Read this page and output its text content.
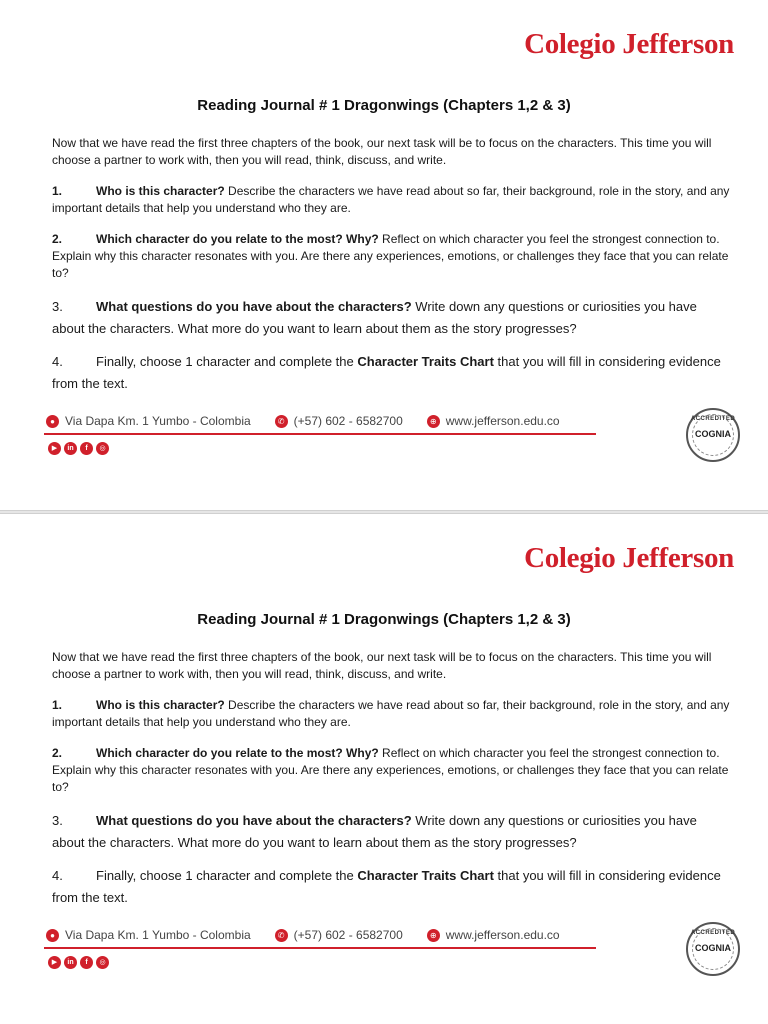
Colegio Jefferson
Reading Journal # 1 Dragonwings (Chapters 1,2 & 3)
Now that we have read the first three chapters of the book, our next task will be to focus on the characters. This time you will choose a partner to work with, then you will read, think, discuss, and write.
1.	Who is this character? Describe the characters we have read about so far, their background, role in the story, and any important details that help you understand who they are.
2.	Which character do you relate to the most? Why? Reflect on which character you feel the strongest connection to. Explain why this character resonates with you. Are there any experiences, emotions, or challenges they face that you can relate to?
3.	What questions do you have about the characters? Write down any questions or curiosities you have about the characters. What more do you want to learn about them as the story progresses?
4.	Finally, choose 1 character and complete the Character Traits Chart that you will fill in considering evidence from the text.
● Via Dapa Km. 1 Yumbo - Colombia	✆ (+57) 602 - 6582700	⊕ www.jefferson.edu.co
▶	in	f	◎
ACCREDITED
COGNIA
Colegio Jefferson
Reading Journal # 1 Dragonwings (Chapters 1,2 & 3)
Now that we have read the first three chapters of the book, our next task will be to focus on the characters. This time you will choose a partner to work with, then you will read, think, discuss, and write.
1.	Who is this character? Describe the characters we have read about so far, their background, role in the story, and any important details that help you understand who they are.
2.	Which character do you relate to the most? Why? Reflect on which character you feel the strongest connection to. Explain why this character resonates with you. Are there any experiences, emotions, or challenges they face that you can relate to?
3.	What questions do you have about the characters? Write down any questions or curiosities you have about the characters. What more do you want to learn about them as the story progresses?
4.	Finally, choose 1 character and complete the Character Traits Chart that you will fill in considering evidence from the text.
● Via Dapa Km. 1 Yumbo - Colombia	✆ (+57) 602 - 6582700	⊕ www.jefferson.edu.co
▶	in	f	◎
ACCREDITED
COGNIA
